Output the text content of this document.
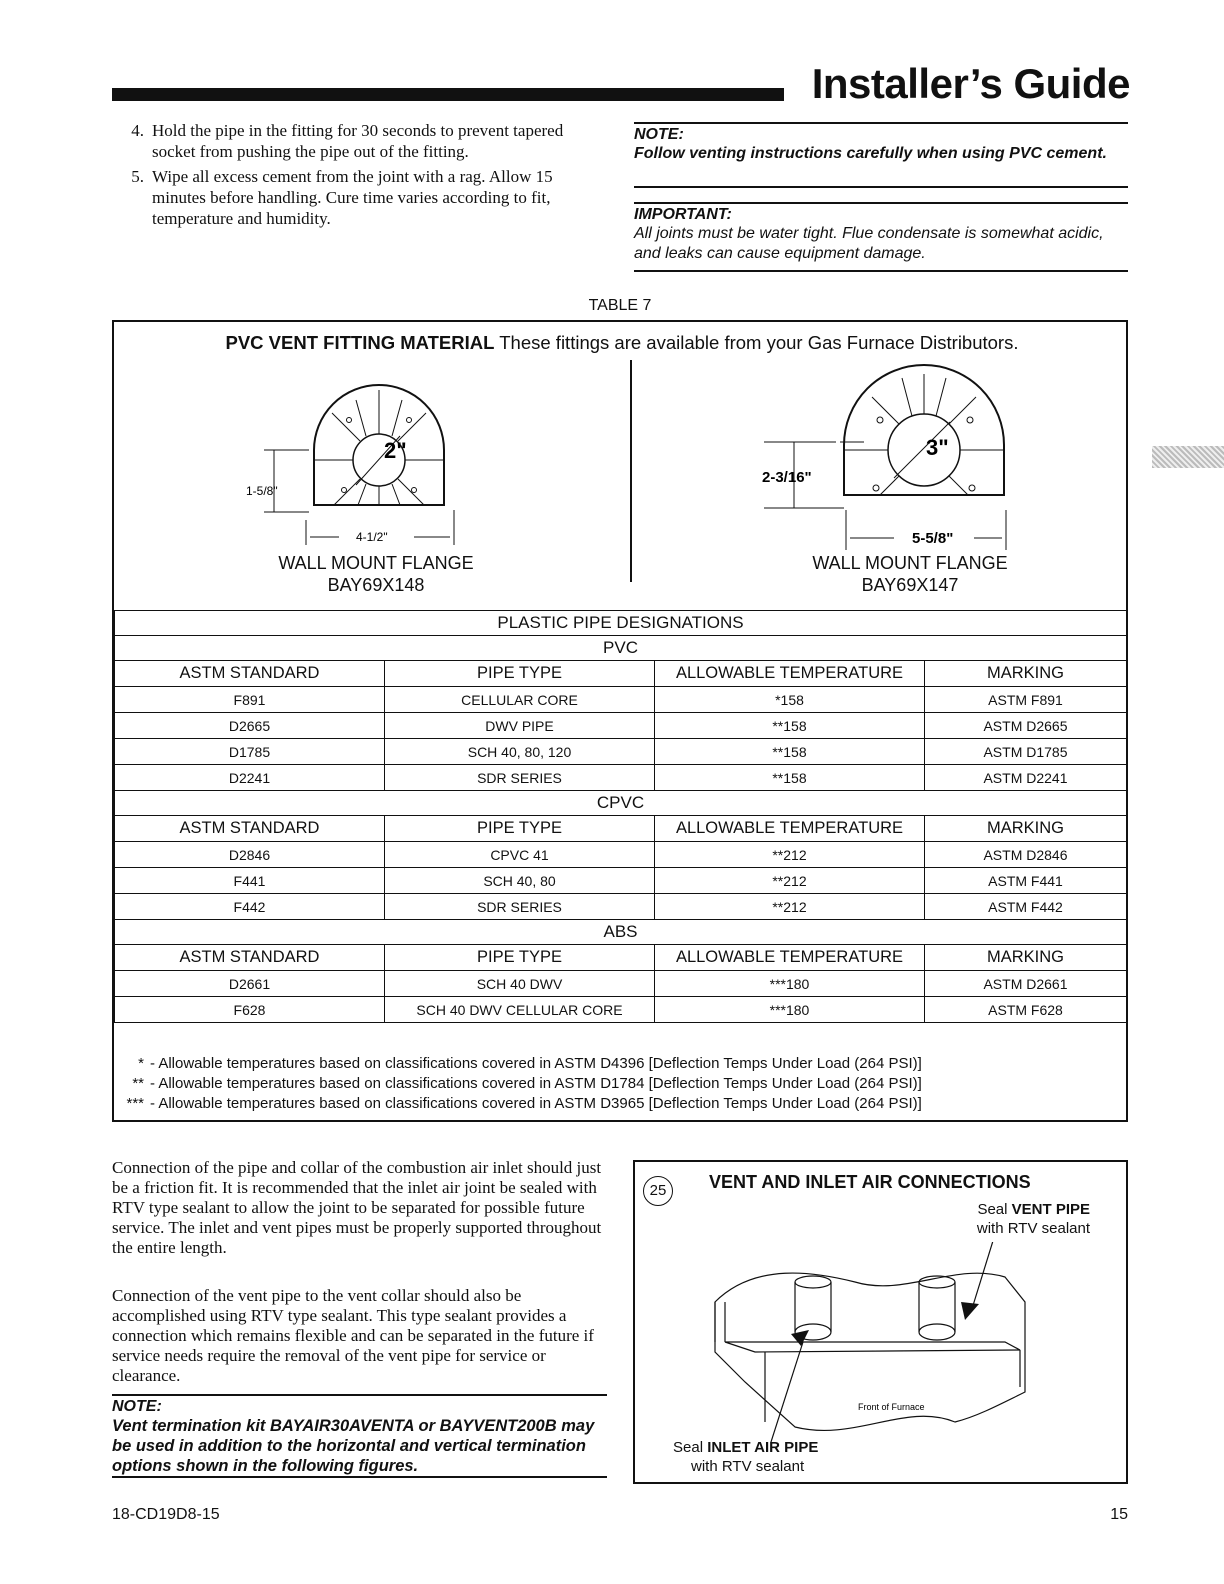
Installer’s Guide
4. Hold the pipe in the fitting for 30 seconds to prevent tapered socket from pushing the pipe out of the fitting.
5. Wipe all excess cement from the joint with a rag. Allow 15 minutes before handling. Cure time varies according to fit, temperature and humidity.
NOTE:
Follow venting instructions carefully when using PVC cement.
IMPORTANT:
All joints must be water tight. Flue condensate is somewhat acidic, and leaks can cause equipment damage.
TABLE 7
PVC VENT FITTING MATERIAL These fittings are available from your Gas Furnace Distributors.
2"
1-5/8"
4-1/2"
WALL MOUNT FLANGE
BAY69X148
3"
2-3/16"
5-5/8"
WALL MOUNT FLANGE
BAY69X147
PLASTIC PIPE DESIGNATIONS			
PVC			
ASTM STANDARD	PIPE TYPE	ALLOWABLE TEMPERATURE	MARKING
F891	CELLULAR CORE	*158	ASTM F891
D2665	DWV PIPE	**158	ASTM D2665
D1785	SCH 40, 80, 120	**158	ASTM D1785
D2241	SDR SERIES	**158	ASTM D2241
CPVC			
ASTM STANDARD	PIPE TYPE	ALLOWABLE TEMPERATURE	MARKING
D2846	CPVC 41	**212	ASTM D2846
F441	SCH 40, 80	**212	ASTM F441
F442	SDR SERIES	**212	ASTM F442
ABS			
ASTM STANDARD	PIPE TYPE	ALLOWABLE TEMPERATURE	MARKING
D2661	SCH 40 DWV	***180	ASTM D2661
F628	SCH 40 DWV CELLULAR CORE	***180	ASTM F628
* - Allowable temperatures based on classifications covered in ASTM D4396 [Deflection Temps Under Load (264 PSI)]
** - Allowable temperatures based on classifications covered in ASTM D1784 [Deflection Temps Under Load (264 PSI)]
*** - Allowable temperatures based on classifications covered in ASTM D3965 [Deflection Temps Under Load (264 PSI)]
Connection of the pipe and collar of the combustion air inlet should just be a friction fit. It is recommended that the inlet air joint be sealed with RTV type sealant to allow the joint to be separated for possible future service. The inlet and vent pipes must be properly supported throughout the entire length.
Connection of the vent pipe to the vent collar should also be accomplished using RTV type sealant. This type sealant provides a connection which remains flexible and can be separated in the future if service needs require the removal of the vent pipe for service or clearance.
NOTE:
Vent termination kit BAYAIR30AVENTA or BAYVENT200B may be used in addition to the horizontal and vertical termination options shown in the following figures.
25	VENT AND INLET AIR CONNECTIONS
Seal VENT PIPE
with RTV sealant
Front of Furnace
Seal INLET AIR PIPE
with RTV sealant
18-CD19D8-15	15
